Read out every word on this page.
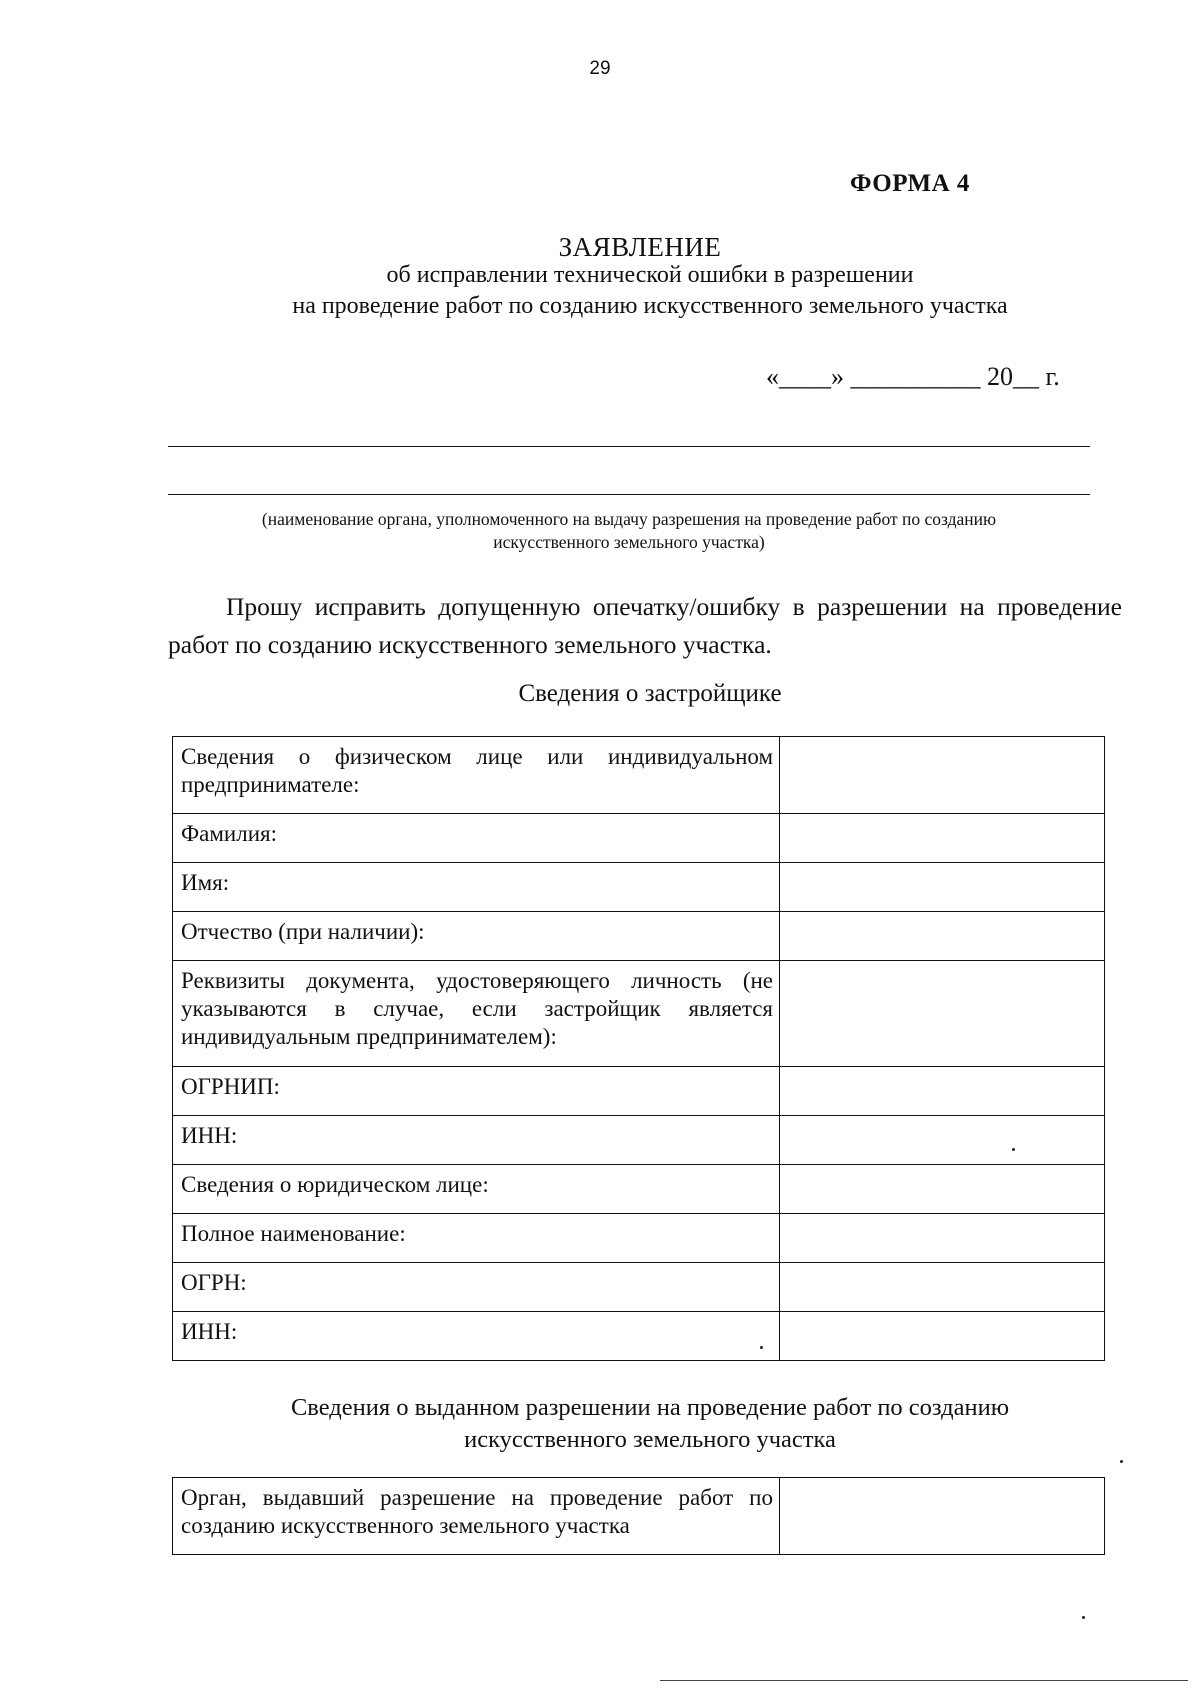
29
ФОРМА 4
ЗАЯВЛЕНИЕ
об исправлении технической ошибки в разрешении
на проведение работ по созданию искусственного земельного участка
«____» __________ 20__ г.
(наименование органа, уполномоченного на выдачу разрешения на проведение работ по созданию
искусственного земельного участка)
Прошу исправить допущенную опечатку/ошибку в разрешении на проведение работ по созданию искусственного земельного участка.
Сведения о застройщике
Сведения о физическом лице или индивидуальном предпринимателе:	
Фамилия:	
Имя:	
Отчество (при наличии):	
Реквизиты документа, удостоверяющего личность (не указываются в случае, если застройщик является индивидуальным предпринимателем):	
ОГРНИП:	
ИНН:	
Сведения о юридическом лице:	
Полное наименование:	
ОГРН:	
ИНН:	
Сведения о выданном разрешении на проведение работ по созданию
искусственного земельного участка
Орган, выдавший разрешение на проведение работ по созданию искусственного земельного участка	
